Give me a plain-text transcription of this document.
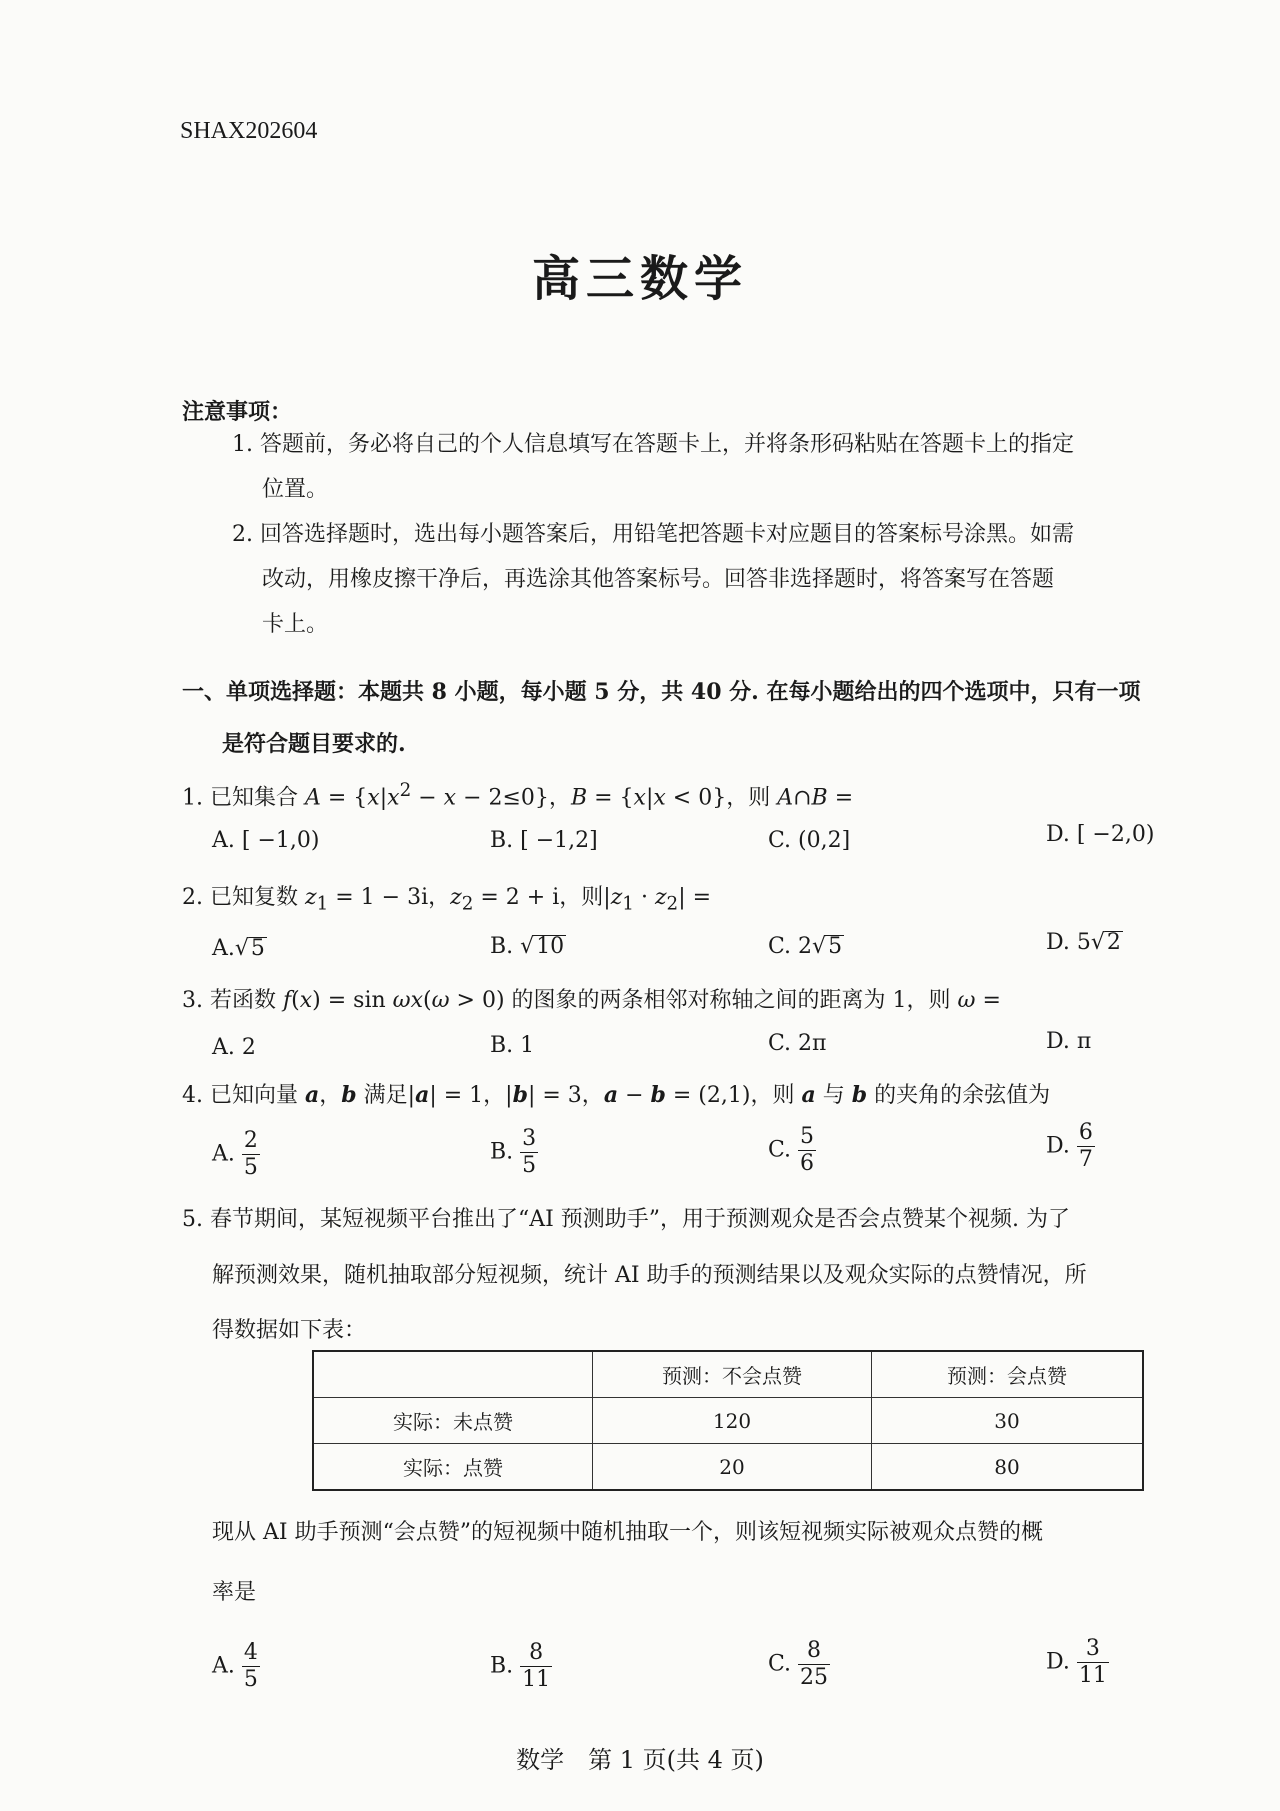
SHAX202604
高三数学
注意事项：
1. 答题前，务必将自己的个人信息填写在答题卡上，并将条形码粘贴在答题卡上的指定
位置。
2. 回答选择题时，选出每小题答案后，用铅笔把答题卡对应题目的答案标号涂黑。如需
改动，用橡皮擦干净后，再选涂其他答案标号。回答非选择题时，将答案写在答题
卡上。
一、单项选择题：本题共 8 小题，每小题 5 分，共 40 分. 在每小题给出的四个选项中，只有一项
是符合题目要求的.
1. 已知集合 $A = \{x|x^2 - x - 2\le 0\}$，B = {x|x < 0}，则 A∩B =
A. [ −1,0)	B. [ −1,2]	C. (0,2]	D. [ −2,0)
2. 已知复数 $z_1 = 1 - 3i$，$z_2 = 2 + i$，则$|z_1 \cdot z_2|$ =
A.√5	B. √10	C. 2√5	D. 5√2
3. 若函数 f(x) = sin ωx(ω > 0) 的图象的两条相邻对称轴之间的距离为 1，则 ω =
A. 2	B. 1	C. 2π	D. π
4. 已知向量 a，b 满足|a| = 1，|b| = 3，a − b = (2,1)，则 a 与 b 的夹角的余弦值为
A. $\frac{2}{5}$	B. $\frac{3}{5}$	C. $\frac{5}{6}$	D. $\frac{6}{7}$
5. 春节期间，某短视频平台推出了“AI 预测助手”，用于预测观众是否会点赞某个视频. 为了
解预测效果，随机抽取部分短视频，统计 AI 助手的预测结果以及观众实际的点赞情况，所
得数据如下表：
	预测：不会点赞	预测：会点赞
实际：未点赞	120	30
实际：点赞	20	80
现从 AI 助手预测“会点赞”的短视频中随机抽取一个，则该短视频实际被观众点赞的概
率是
A. $\frac{4}{5}$	B. $\frac{8}{11}$	C. $\frac{8}{25}$	D. $\frac{3}{11}$
数学　第 1 页(共 4 页)
